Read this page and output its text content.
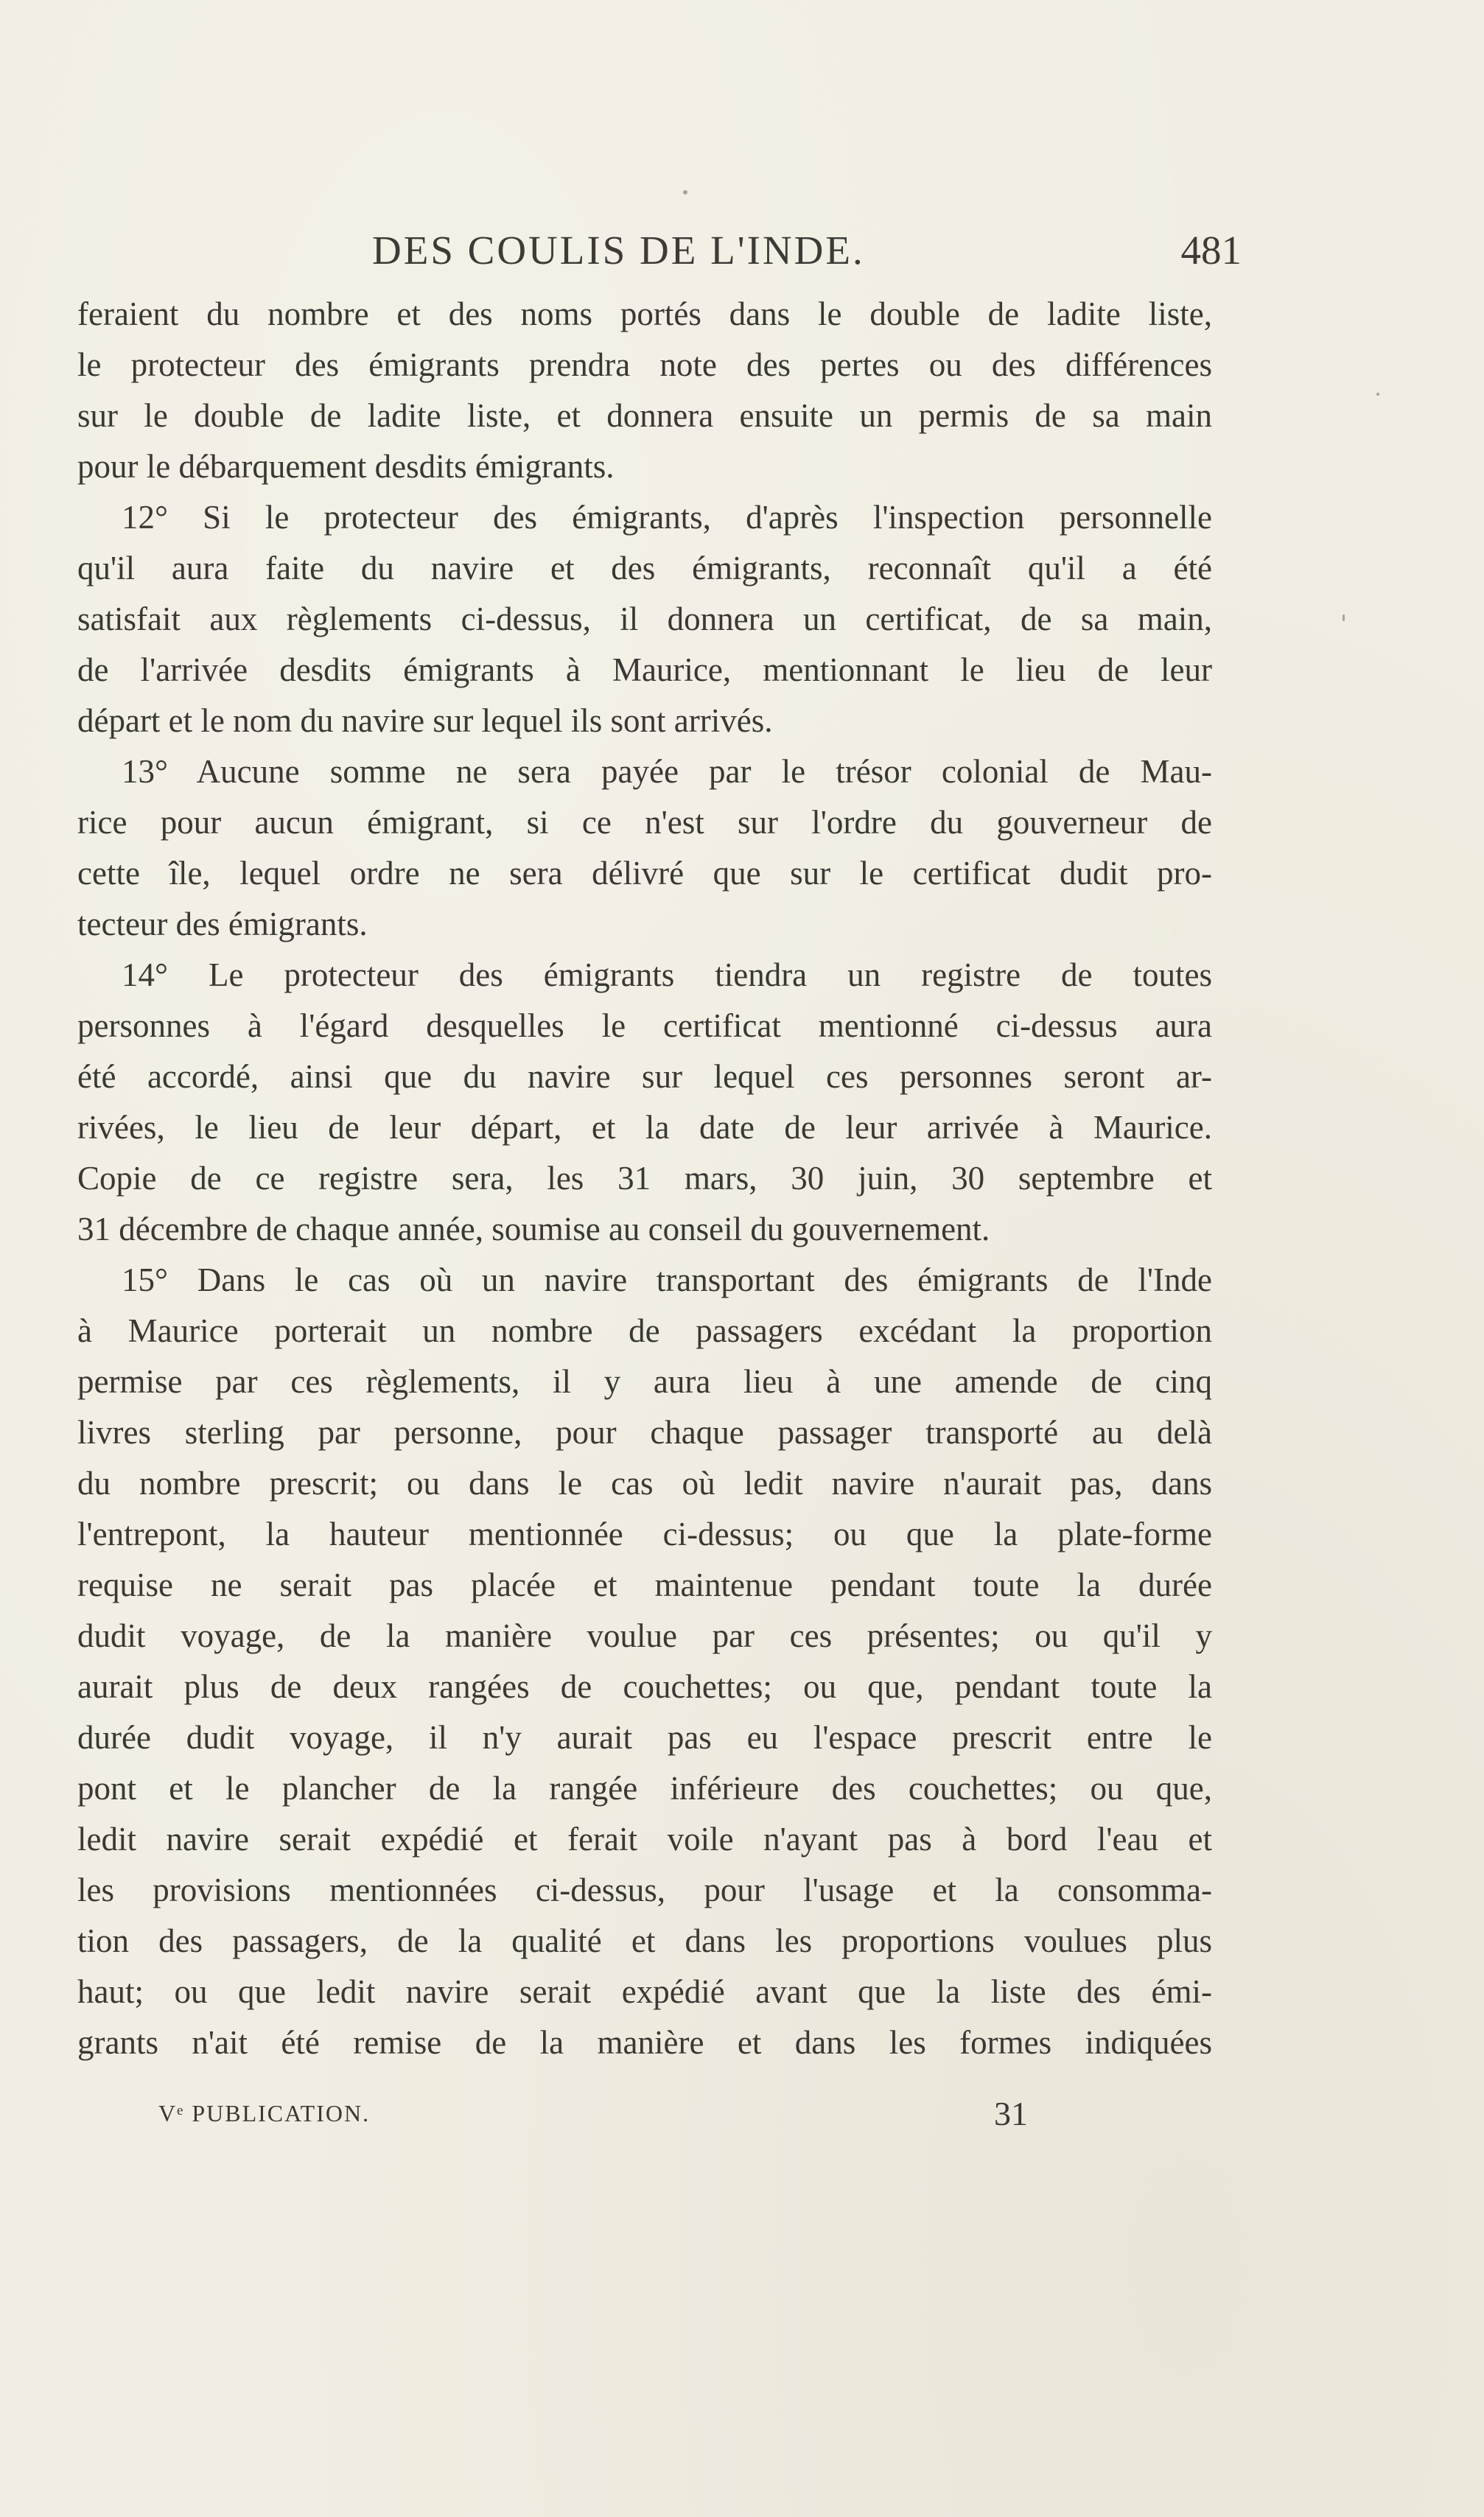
DES COULIS DE L'INDE.	481
feraient du nombre et des noms portés dans le double de ladite liste,
le protecteur des émigrants prendra note des pertes ou des différences
sur le double de ladite liste, et donnera ensuite un permis de sa main
pour le débarquement desdits émigrants.
12° Si le protecteur des émigrants, d'après l'inspection personnelle
qu'il aura faite du navire et des émigrants, reconnaît qu'il a été
satisfait aux règlements ci-dessus, il donnera un certificat, de sa main,
de l'arrivée desdits émigrants à Maurice, mentionnant le lieu de leur
départ et le nom du navire sur lequel ils sont arrivés.
13° Aucune somme ne sera payée par le trésor colonial de Mau-
rice pour aucun émigrant, si ce n'est sur l'ordre du gouverneur de
cette île, lequel ordre ne sera délivré que sur le certificat dudit pro-
tecteur des émigrants.
14° Le protecteur des émigrants tiendra un registre de toutes
personnes à l'égard desquelles le certificat mentionné ci-dessus aura
été accordé, ainsi que du navire sur lequel ces personnes seront ar-
rivées, le lieu de leur départ, et la date de leur arrivée à Maurice.
Copie de ce registre sera, les 31 mars, 30 juin, 30 septembre et
31 décembre de chaque année, soumise au conseil du gouvernement.
15° Dans le cas où un navire transportant des émigrants de l'Inde
à Maurice porterait un nombre de passagers excédant la proportion
permise par ces règlements, il y aura lieu à une amende de cinq
livres sterling par personne, pour chaque passager transporté au delà
du nombre prescrit; ou dans le cas où ledit navire n'aurait pas, dans
l'entrepont, la hauteur mentionnée ci-dessus; ou que la plate-forme
requise ne serait pas placée et maintenue pendant toute la durée
dudit voyage, de la manière voulue par ces présentes; ou qu'il y
aurait plus de deux rangées de couchettes; ou que, pendant toute la
durée dudit voyage, il n'y aurait pas eu l'espace prescrit entre le
pont et le plancher de la rangée inférieure des couchettes; ou que,
ledit navire serait expédié et ferait voile n'ayant pas à bord l'eau et
les provisions mentionnées ci-dessus, pour l'usage et la consomma-
tion des passagers, de la qualité et dans les proportions voulues plus
haut; ou que ledit navire serait expédié avant que la liste des émi-
grants n'ait été remise de la manière et dans les formes indiquées
Vᵉ PUBLICATION.	31
